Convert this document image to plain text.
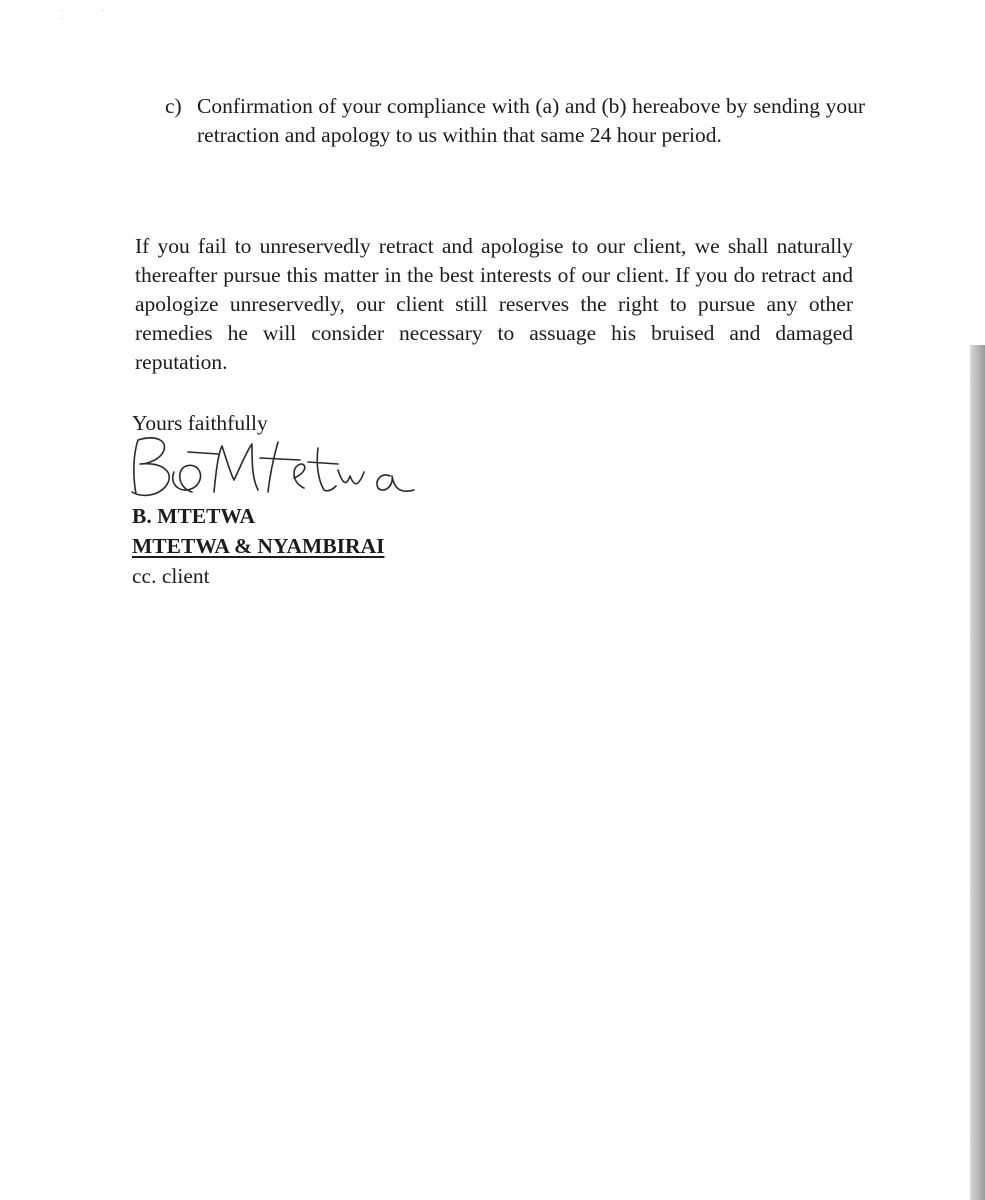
· · ·
c) Confirmation of your compliance with (a) and (b) hereabove by sending your retraction and apology to us within that same 24 hour period.
If you fail to unreservedly retract and apologise to our client, we shall naturally thereafter pursue this matter in the best interests of our client. If you do retract and apologize unreservedly, our client still reserves the right to pursue any other remedies he will consider necessary to assuage his bruised and damaged reputation.
Yours faithfully
B. MTETWA
MTETWA & NYAMBIRAI
cc. client
